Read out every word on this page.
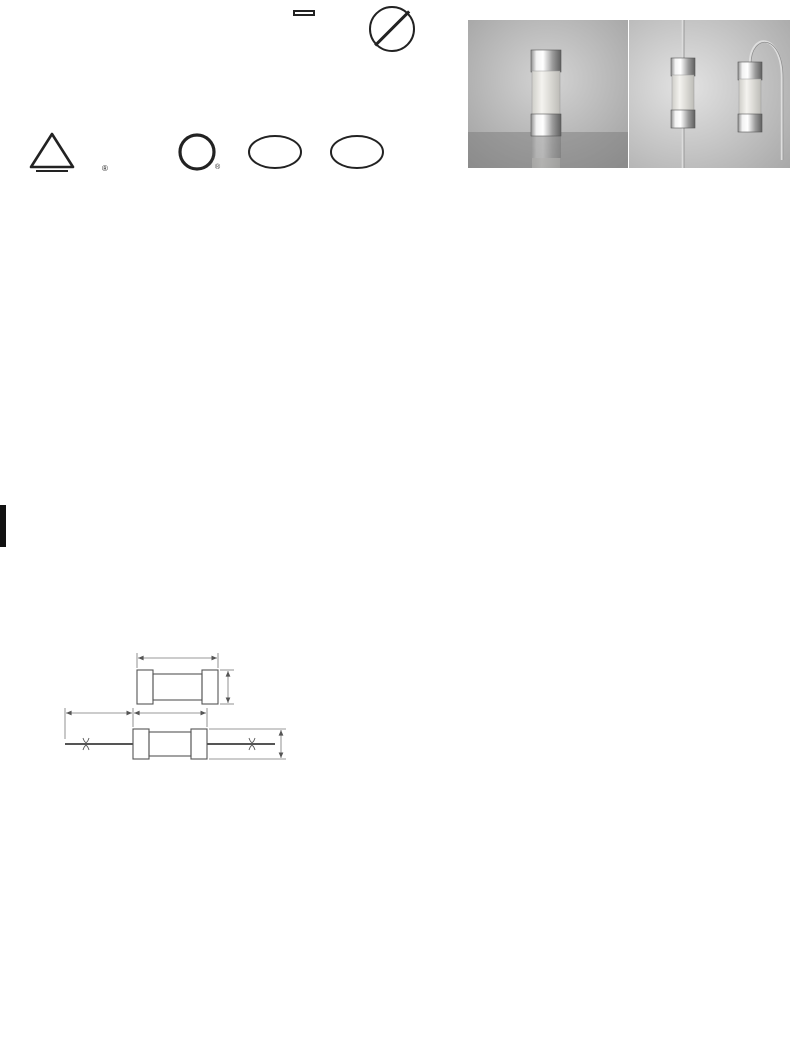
®	®
